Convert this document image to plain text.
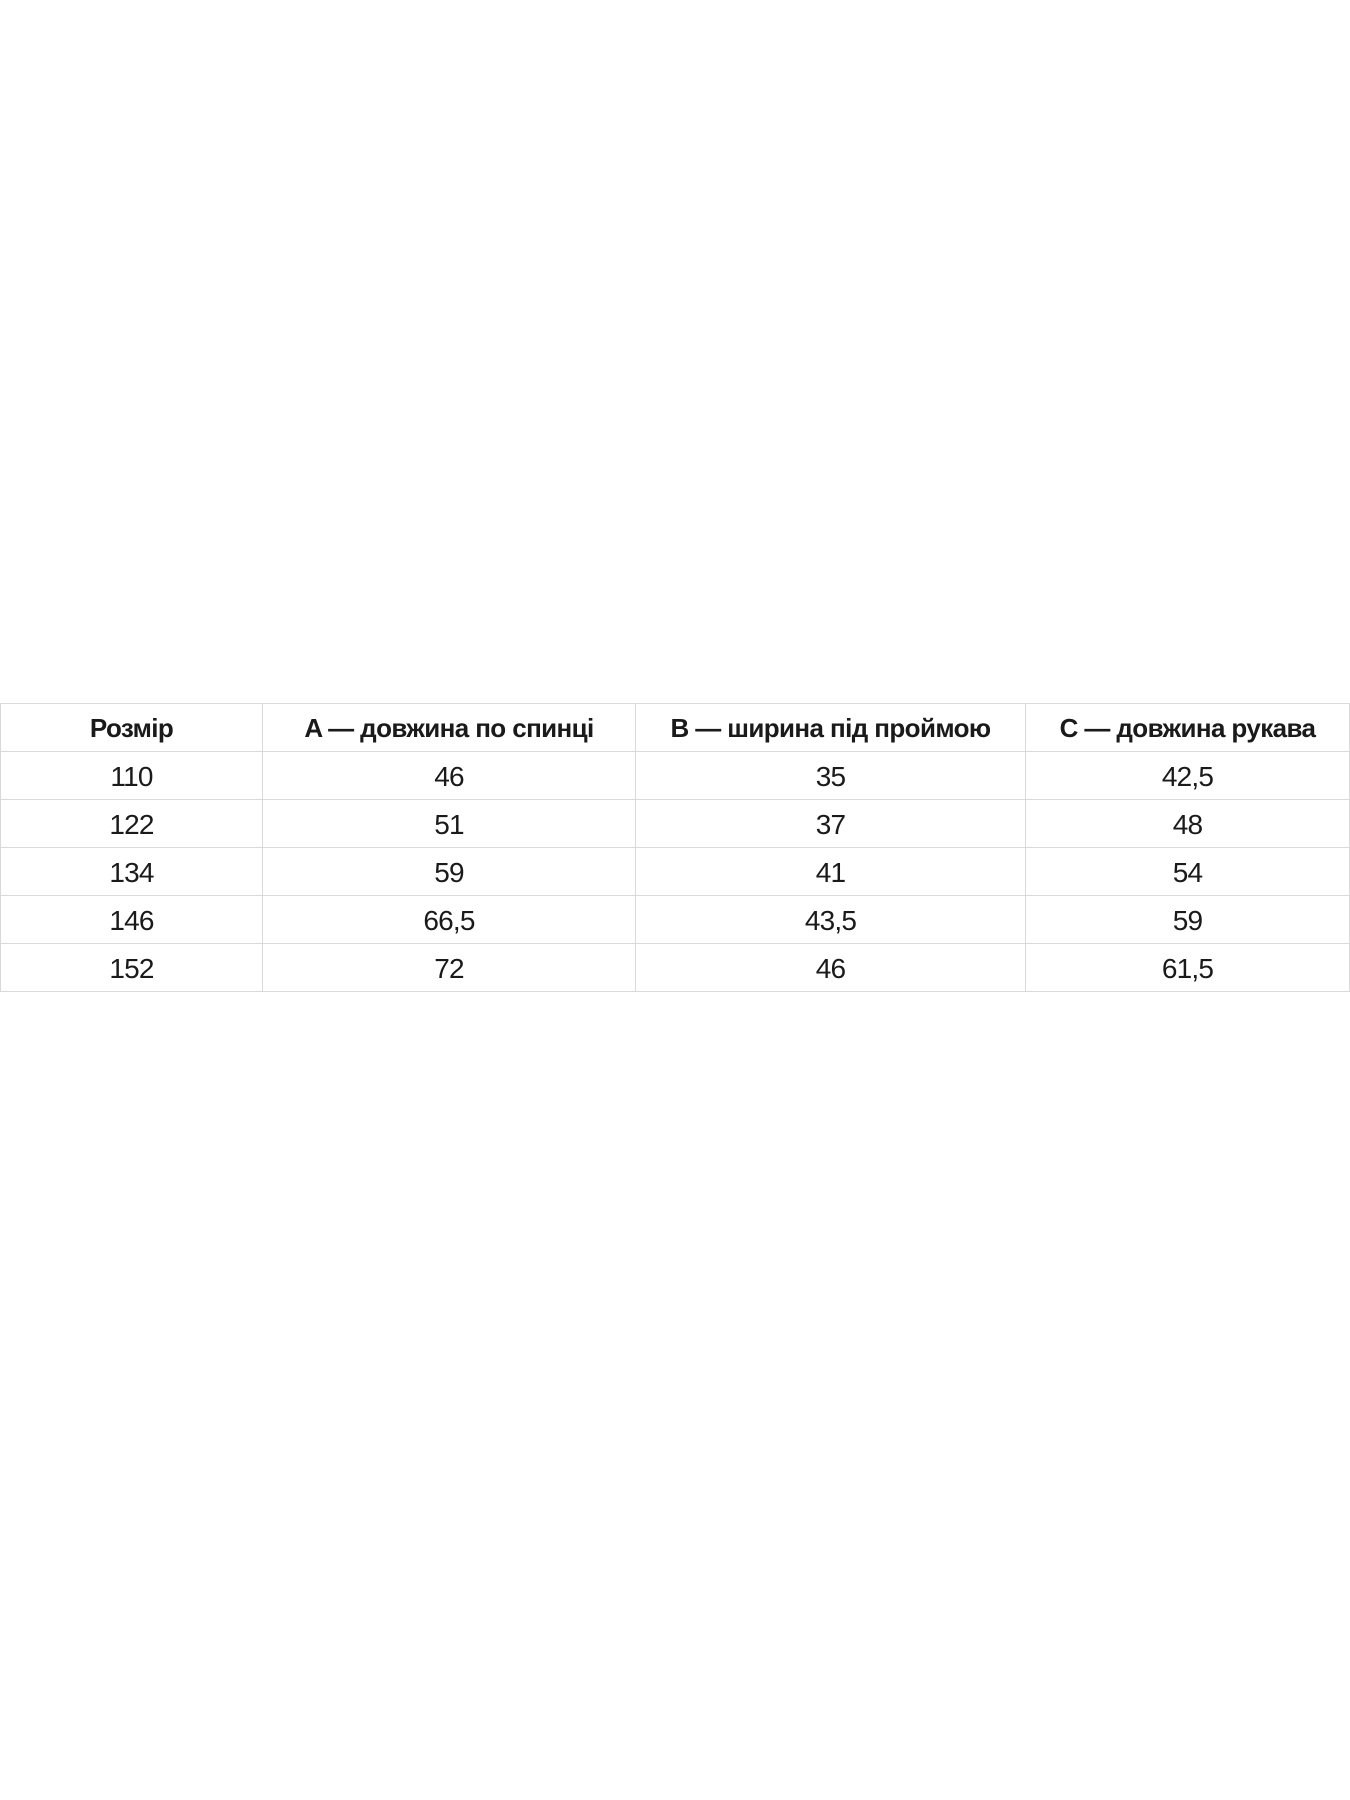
Розмір	A — довжина по спинці	B — ширина під проймою	C — довжина рукава
110	46	35	42,5
122	51	37	48
134	59	41	54
146	66,5	43,5	59
152	72	46	61,5
